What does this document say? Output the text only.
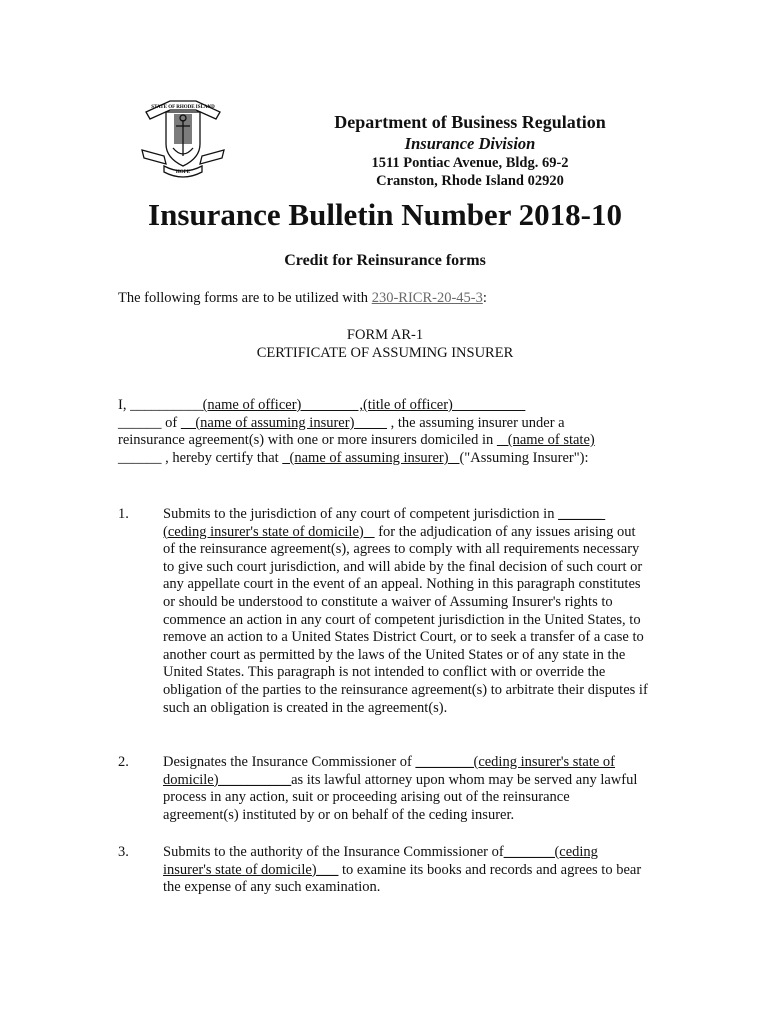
STATE OF RHODE ISLAND
HOPE
Department of Business Regulation
Insurance Division
1511 Pontiac Avenue, Bldg. 69-2
Cranston, Rhode Island 02920
Insurance Bulletin Number 2018-10
Credit for Reinsurance forms
The following forms are to be utilized with 230-RICR-20-45-3:
FORM AR-1
CERTIFICATE OF ASSUMING INSURER
I, __________(name of officer)                ,(title of officer)
______ of     (name of assuming insurer)          , the assuming insurer under a
reinsurance agreement(s) with one or more insurers domiciled in    (name of state)
______ , hereby certify that   (name of assuming insurer)   ("Assuming Insurer"):
1. Submits to the jurisdiction of any court of competent jurisdiction in ______ (ceding insurer's state of domicile)    for the adjudication of any issues arising out of the reinsurance agreement(s), agrees to comply with all requirements necessary to give such court jurisdiction, and will abide by the final decision of such court or any appellate court in the event of an appeal. Nothing in this paragraph constitutes or should be understood to constitute a waiver of Assuming Insurer's rights to commence an action in any court of competent jurisdiction in the United States, to remove an action to a United States District Court, or to seek a transfer of a case to another court as permitted by the laws of the United States or of any state in the United States. This paragraph is not intended to conflict with or override the obligation of the parties to the reinsurance agreement(s) to arbitrate their disputes if such an obligation is created in the agreement(s).
2. Designates the Insurance Commissioner of ________(ceding insurer's state of domicile)__________as its lawful attorney upon whom may be served any lawful process in any action, suit or proceeding arising out of the reinsurance agreement(s) instituted by or on behalf of the ceding insurer.
3. Submits to the authority of the Insurance Commissioner of_______(ceding insurer's state of domicile)___ to examine its books and records and agrees to bear the expense of any such examination.
